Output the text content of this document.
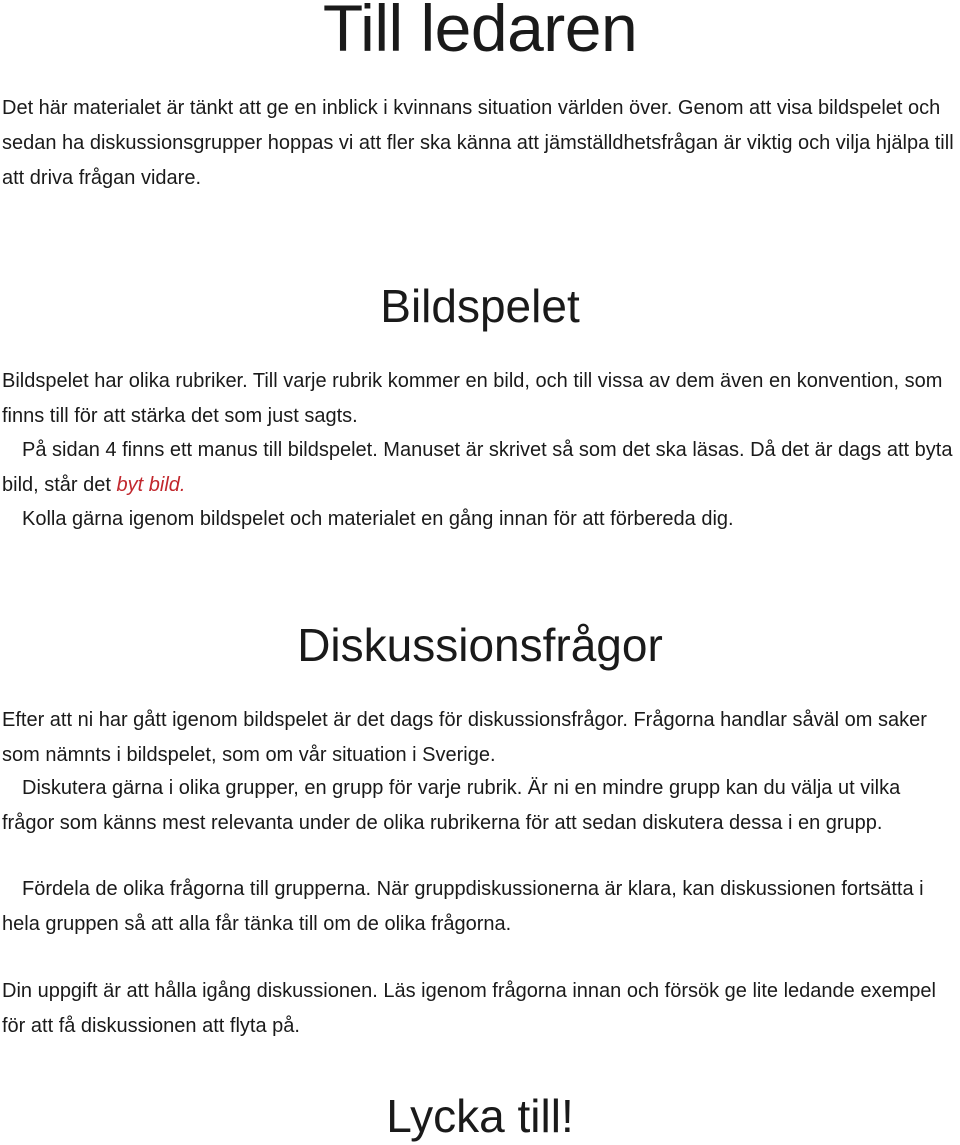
Till ledaren

Det här materialet är tänkt att ge en inblick i kvinnans situation världen över. Genom att visa bildspelet och sedan ha diskussionsgrupper hoppas vi att fler ska känna att jämställdhetsfrågan är viktig och vilja hjälpa till att driva frågan vidare.

Bildspelet

Bildspelet har olika rubriker. Till varje rubrik kommer en bild, och till vissa av dem även en konvention, som finns till för att stärka det som just sagts.

På sidan 4 finns ett manus till bildspelet. Manuset är skrivet så som det ska läsas. Då det är dags att byta bild, står det byt bild.

Kolla gärna igenom bildspelet och materialet en gång innan för att förbereda dig.

Diskussionsfrågor

Efter att ni har gått igenom bildspelet är det dags för diskussionsfrågor. Frågorna handlar såväl om saker som nämnts i bildspelet, som om vår situation i Sverige.

Diskutera gärna i olika grupper, en grupp för varje rubrik. Är ni en mindre grupp kan du välja ut vilka frågor som känns mest relevanta under de olika rubrikerna för att sedan diskutera dessa i en grupp.

Fördela de olika frågorna till grupperna. När gruppdiskussionerna är klara, kan diskussionen fortsätta i hela gruppen så att alla får tänka till om de olika frågorna.

Din uppgift är att hålla igång diskussionen. Läs igenom frågorna innan och försök ge lite ledande exempel för att få diskussionen att flyta på.

Lycka till!
